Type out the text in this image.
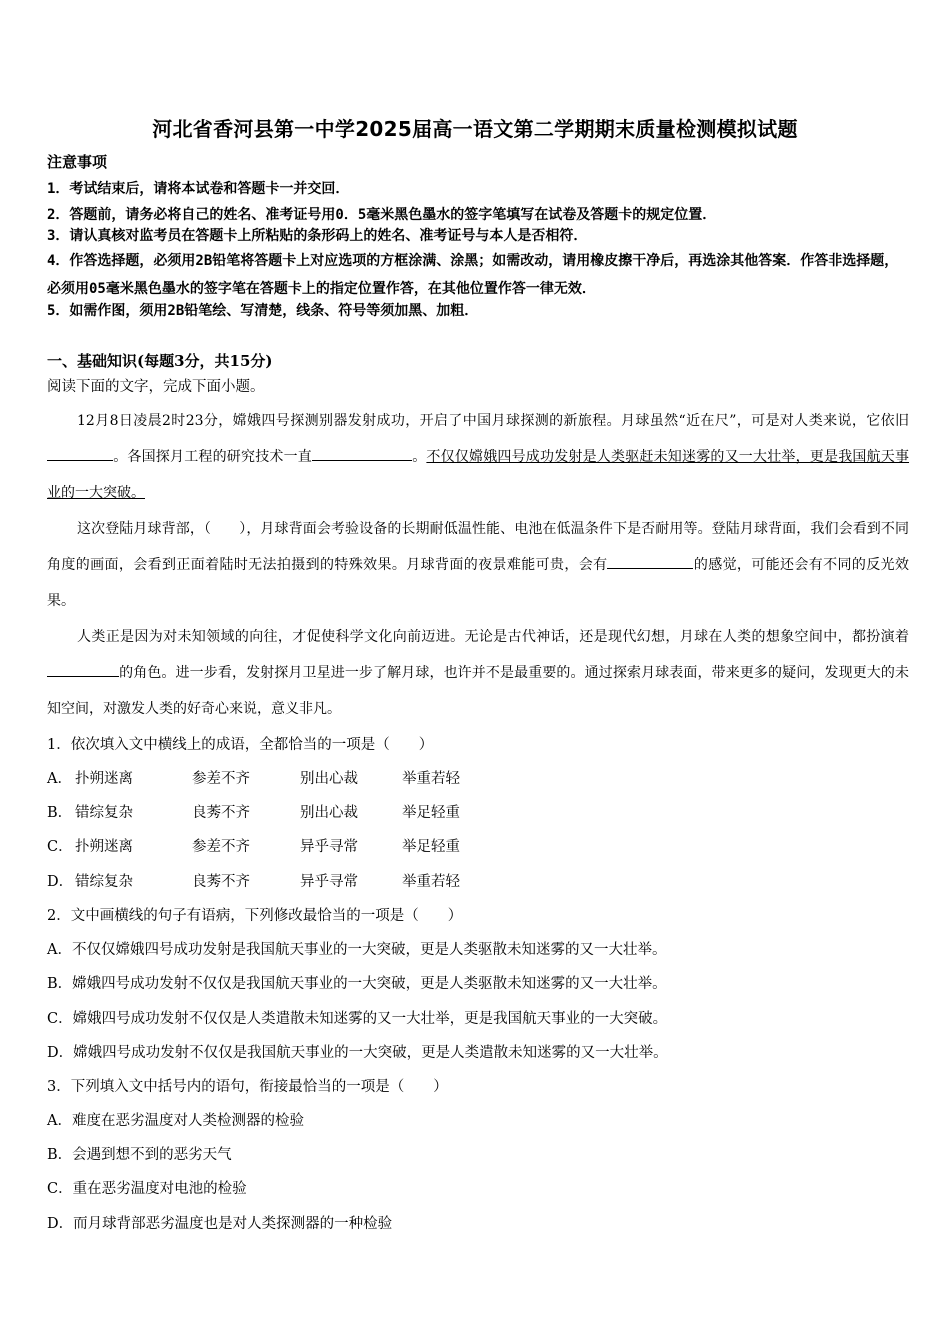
河北省香河县第一中学2025届高一语文第二学期期末质量检测模拟试题
注意事项
1．考试结束后，请将本试卷和答题卡一并交回．
2．答题前，请务必将自己的姓名、准考证号用0．5毫米黑色墨水的签字笔填写在试卷及答题卡的规定位置．
3．请认真核对监考员在答题卡上所粘贴的条形码上的姓名、准考证号与本人是否相符．
4．作答选择题，必须用2B铅笔将答题卡上对应选项的方框涂满、涂黑；如需改动，请用橡皮擦干净后，再选涂其他答案．作答非选择题，必须用05毫米黑色墨水的签字笔在答题卡上的指定位置作答，在其他位置作答一律无效．
5．如需作图，须用2B铅笔绘、写清楚，线条、符号等须加黑、加粗．
一、基础知识(每题3分，共15分)
阅读下面的文字，完成下面小题。
12月8日凌晨2时23分，嫦娥四号探测别器发射成功，开启了中国月球探测的新旅程。月球虽然“近在尺”，可是对人类来说，它依旧。各国探月工程的研究技术一直	。不仅仅嫦娥四号成功发射是人类驱赶未知迷雾的又一大壮举，更是我国航天事业的一大突破。
这次登陆月球背部，（　　），月球背面会考验设备的长期耐低温性能、电池在低温条件下是否耐用等。登陆月球背面，我们会看到不同角度的画面，会看到正面着陆时无法拍摄到的特殊效果。月球背面的夜景难能可贵，会有	的感觉，可能还会有不同的反光效果。
人类正是因为对未知领域的向往，才促使科学文化向前迈进。无论是古代神话，还是现代幻想，月球在人类的想象空间中，都扮演着的角色。进一步看，发射探月卫星进一步了解月球，也许并不是最重要的。通过探索月球表面，带来更多的疑问，发现更大的未知空间，对激发人类的好奇心来说，意义非凡。
1．依次填入文中横线上的成语，全都恰当的一项是（　　）
A． 扑朔迷离	参差不齐	别出心裁	举重若轻
B． 错综复杂	良莠不齐	别出心裁	举足轻重
C． 扑朔迷离	参差不齐	异乎寻常	举足轻重
D． 错综复杂	良莠不齐	异乎寻常	举重若轻
2．文中画横线的句子有语病，下列修改最恰当的一项是（　　）
A．不仅仅嫦娥四号成功发射是我国航天事业的一大突破，更是人类驱散未知迷雾的又一大壮举。
B．嫦娥四号成功发射不仅仅是我国航天事业的一大突破，更是人类驱散未知迷雾的又一大壮举。
C．嫦娥四号成功发射不仅仅是人类遣散未知迷雾的又一大壮举，更是我国航天事业的一大突破。
D．嫦娥四号成功发射不仅仅是我国航天事业的一大突破，更是人类遣散未知迷雾的又一大壮举。
3．下列填入文中括号内的语句，衔接最恰当的一项是（　　）
A．难度在恶劣温度对人类检测器的检验
B．会遇到想不到的恶劣天气
C．重在恶劣温度对电池的检验
D．而月球背部恶劣温度也是对人类探测器的一种检验
